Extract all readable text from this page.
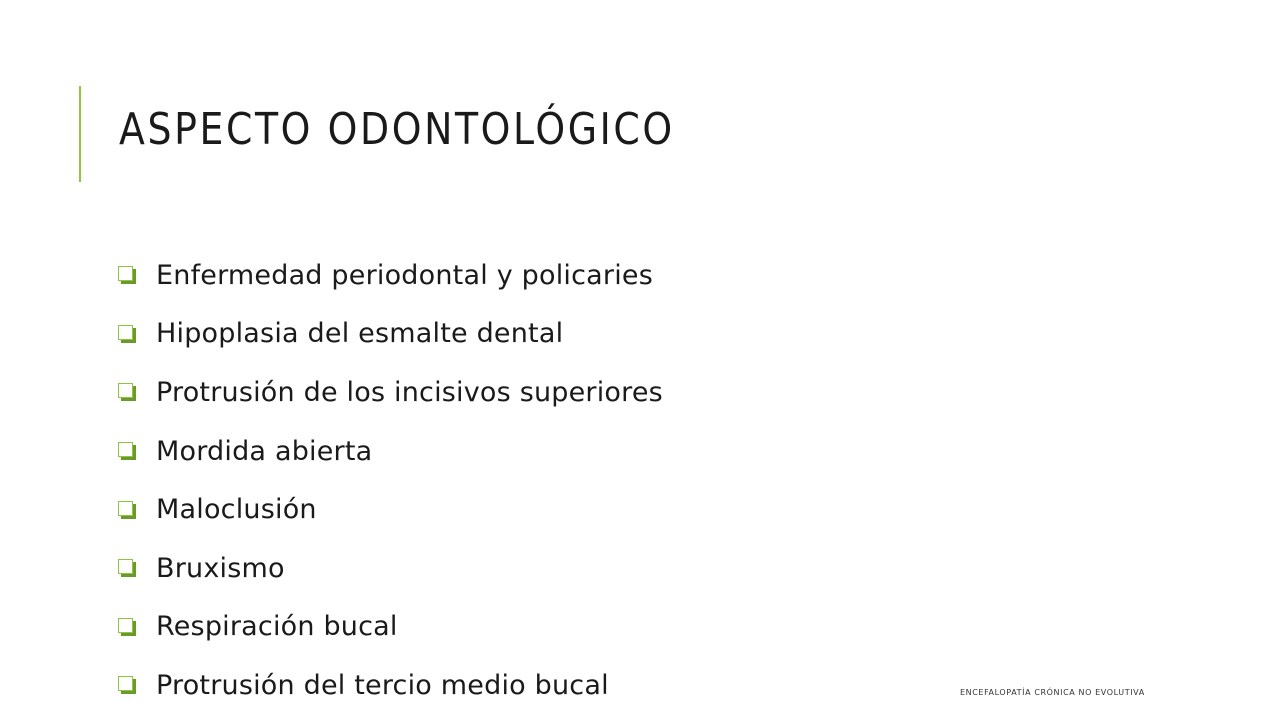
ASPECTO ODONTOLÓGICO
Enfermedad periodontal y policaries
Hipoplasia del esmalte dental
Protrusión de los incisivos superiores
Mordida abierta
Maloclusión
Bruxismo
Respiración bucal
Protrusión del tercio medio bucal	ENCEFALOPATÍA CRÓNICA NO EVOLUTIVA
